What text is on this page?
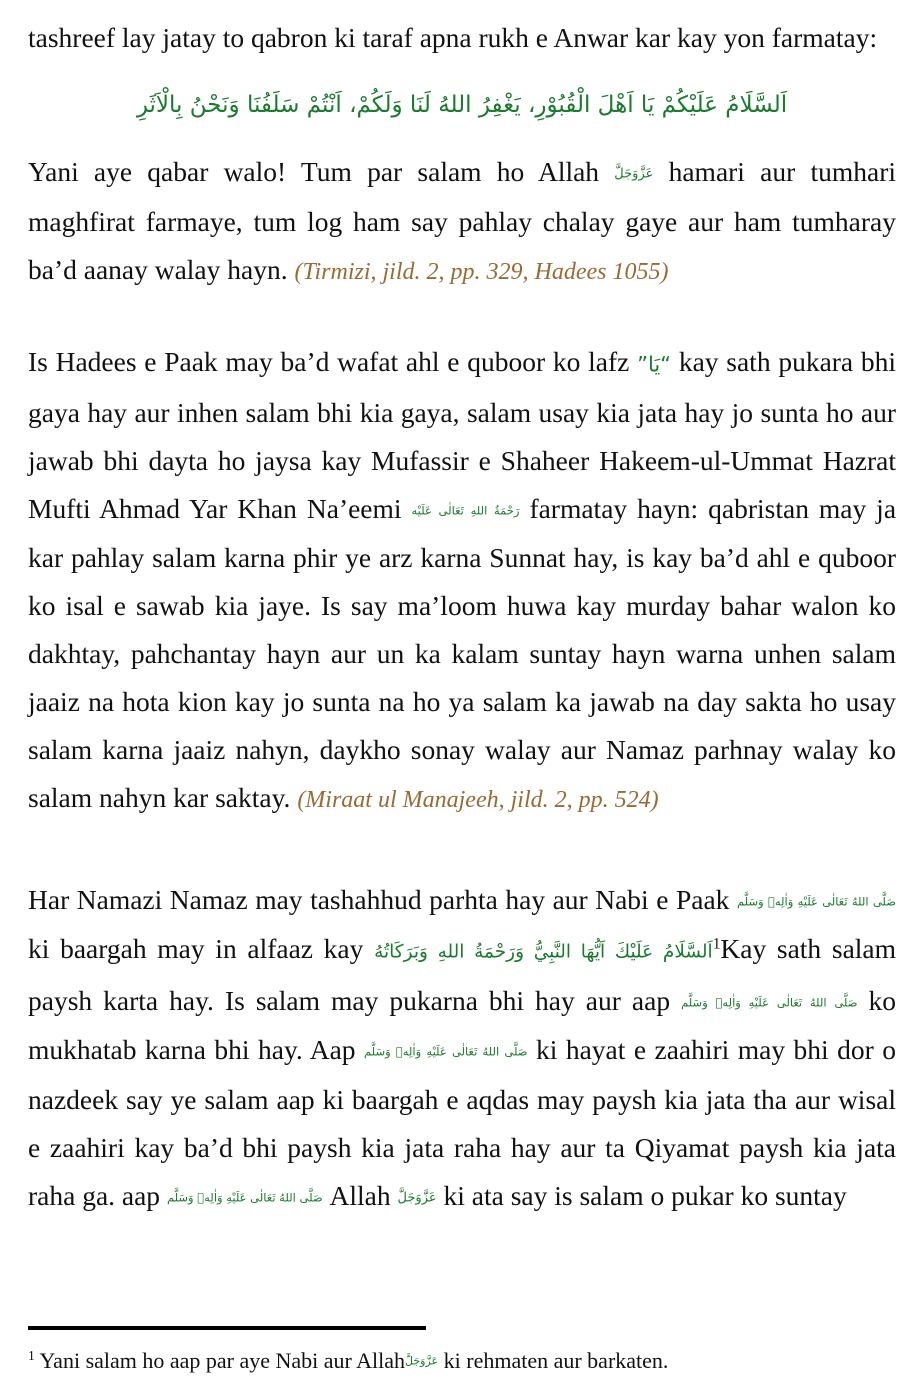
tashreef lay jatay to qabron ki taraf apna rukh e Anwar kar kay yon farmatay:

اَلسَّلَامُ عَلَيْكُمْ يَا اَهْلَ الْقُبُوْرِ، يَغْفِرُ اللهُ لَنَا وَلَكُمْ، اَنْتُمْ سَلَفُنَا وَنَحْنُ بِالْاَثَرِ

Yani aye qabar walo! Tum par salam ho Allah عَزَّوَجَلَّ hamari aur tumhari maghfirat farmaye, tum log ham say pahlay chalay gaye aur ham tumharay ba’d aanay walay hayn. (Tirmizi, jild. 2, pp. 329, Hadees 1055)

Is Hadees e Paak may ba’d wafat ahl e quboor ko lafz “يَا” kay sath pukara bhi gaya hay aur inhen salam bhi kia gaya, salam usay kia jata hay jo sunta ho aur jawab bhi dayta ho jaysa kay Mufassir e Shaheer Hakeem-ul-Ummat Hazrat Mufti Ahmad Yar Khan Na’eemi رَحْمَةُ اللهِ تَعَالٰی عَلَيْه farmatay hayn: qabristan may ja kar pahlay salam karna phir ye arz karna Sunnat hay, is kay ba’d ahl e quboor ko isal e sawab kia jaye. Is say ma’loom huwa kay murday bahar walon ko dakhtay, pahchantay hayn aur un ka kalam suntay hayn warna unhen salam jaaiz na hota kion kay jo sunta na ho ya salam ka jawab na day sakta ho usay salam karna jaaiz nahyn, daykho sonay walay aur Namaz parhnay walay ko salam nahyn kar saktay. (Miraat ul Manajeeh, jild. 2, pp. 524)

Har Namazi Namaz may tashahhud parhta hay aur Nabi e Paak صَلَّى اللهُ تَعَالٰی عَلَيْهِ وَاٰلِهٖ وَسَلَّم ki baargah may in alfaaz kay اَلسَّلَامُ عَلَيْكَ اَيُّهَا النَّبِيُّ وَرَحْمَةُ اللهِ وَبَرَكَاتُهُ$^1$Kay sath salam paysh karta hay. Is salam may pukarna bhi hay aur aap صَلَّى اللهُ تَعَالٰی عَلَيْهِ وَاٰلِهٖ وَسَلَّم ko mukhatab karna bhi hay. Aap صَلَّى اللهُ تَعَالٰی عَلَيْهِ وَاٰلِهٖ وَسَلَّم ki hayat e zaahiri may bhi dor o nazdeek say ye salam aap ki baargah e aqdas may paysh kia jata tha aur wisal e zaahiri kay ba’d bhi paysh kia jata raha hay aur ta Qiyamat paysh kia jata raha ga. aap صَلَّى اللهُ تَعَالٰی عَلَيْهِ وَاٰلِهٖ وَسَلَّم Allah عَزَّوَجَلَّ ki ata say is salam o pukar ko suntay

$^1$ Yani salam ho aap par aye Nabi aur Allahعَزَّوَجَلَّ ki rehmaten aur barkaten.
